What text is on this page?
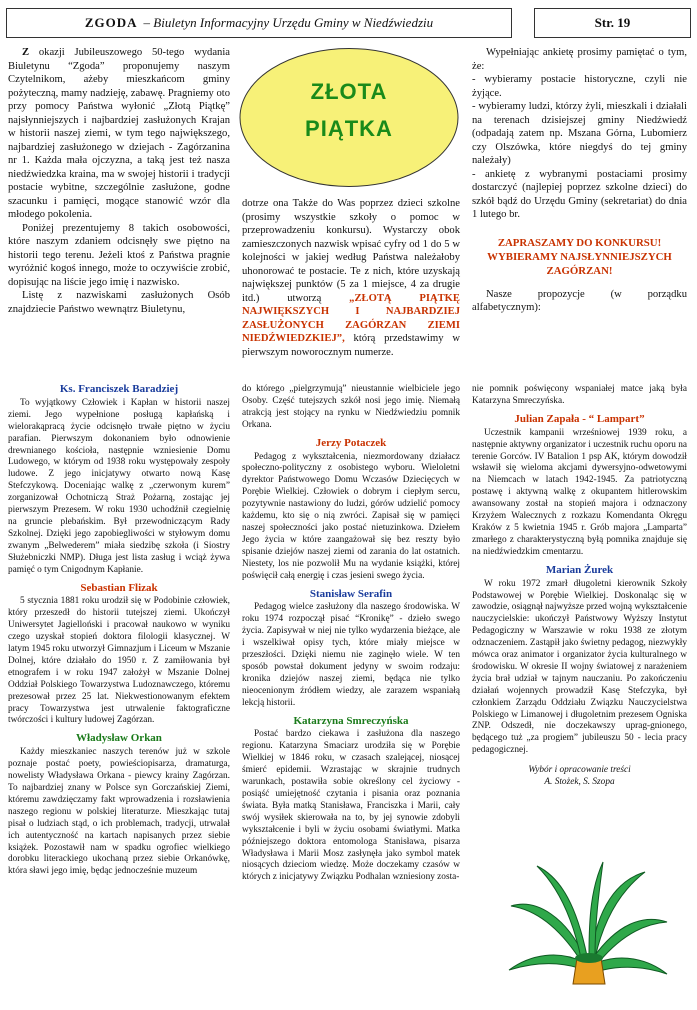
ZGODA – Biuletyn Informacyjny Urzędu Gminy w Niedźwiedziu	Str. 19

Z okazji Jubileuszowego 50-tego wydania Biuletynu “Zgoda” proponujemy naszym Czytelnikom, ażeby mieszkańcom gminy pożyteczną, mamy nadzieję, zabawę. Pragniemy oto przy pomocy Państwa wyłonić „Złotą Piątkę” najsłynniejszych i najbardziej zasłużonych Krajan w historii naszej ziemi, w tym tego największego, najbardziej zasłużonego w dziejach - Zagórzanina nr 1. Każda mała ojczyzna, a taką jest też nasza niedźwiedzka kraina, ma w swojej historii i tradycji postacie wybitne, szczególnie zasłużone, godne szacunku i pamięci, mogące stanowić wzór dla młodego pokolenia.

Poniżej prezentujemy 8 takich osobowości, które naszym zdaniem odcisnęły swe piętno na historii tego terenu. Jeżeli ktoś z Państwa pragnie wyróżnić kogoś innego, może to oczywiście zrobić, dopisując na liście jego imię i nazwisko.

Listę z nazwiskami zasłużonych Osób znajdziecie Państwo wewnątrz Biuletynu,

ZŁOTA
PIĄTKA

dotrze ona Także do Was poprzez dzieci szkolne (prosimy wszystkie szkoły o pomoc w przeprowadzeniu konkursu). Wystarczy obok zamieszczonych nazwisk wpisać cyfry od 1 do 5 w kolejności w jakiej według Państwa należałoby uhonorować te postacie. Te z nich, które uzyskają największej punktów (5 za 1 miejsce, 4 za drugie itd.) utworzą	„ZŁOTĄ PIĄTKĘ NAJWIĘKSZYCH I NAJBARDZIEJ ZASŁUŻONYCH ZAGÓRZAN ZIEMI NIEDŹWIEDZKIEJ”, którą przedstawimy w pierwszym noworocznym numerze.

Wypełniając ankietę prosimy pamiętać o tym, że:

- wybieramy postacie historyczne, czyli nie żyjące.
- wybieramy ludzi, którzy żyli, mieszkali i działali na terenach dzisiejszej gminy Niedźwiedź (odpadają zatem np. Mszana Górna, Lubomierz czy Olszówka, które niegdyś do tej gminy należały)
- ankietę z wybranymi postaciami prosimy dostarczyć (najlepiej poprzez szkolne dzieci) do szkół bądź do Urzędu Gminy (sekretariat) do dnia 1 lutego br.
ZAPRASZAMY DO KONKURSU! WYBIERAMY NAJSŁYNNIEJSZYCH ZAGÓRZAN!

Nasze propozycje (w porządku alfabetycznym):

Ks. Franciszek Baradziej

To wyjątkowy Człowiek i Kapłan w historii naszej ziemi. Jego wypełnione posługą kapłańską i wielorakąpracą życie odcisnęło trwałe piętno w życiu parafian. Pierwszym dokonaniem było odnowienie drewnianego kościoła, następnie wzniesienie Domu Ludowego, w którym od 1938 roku występowały zespoły ludowe. Z jego inicjatywy otwarto nową Kasę Stefczykową. Doceniając walkę z „czerwonym kurem” zorganizował Ochotniczą Straż Pożarną, zostając jej pierwszym Prezesem. W roku 1930 uchodźnił czegielnię na gruncie plebańskim. Był przewodniczącym Rady Szkolnej. Dzięki jego zapobiegliwości w styłowym domu zwanym „Belwederem” miała siedzibę szkoła (i Siostry Służebniczki NMP). Długa jest lista zasług i wciąż żywa pamięć o tym Cnigodnym Kapłanie.

Sebastian Flizak

5 stycznia 1881 roku urodził się w Podobinie człowiek, który przeszedł do historii tutejszej ziemi. Ukończył Uniwersytet Jagielloński i pracował naukowo w wyniku czego uzyskał stopień doktora filologii klasycznej. W latym 1945 roku utworzył Gimnazjum i Liceum w Mszanie Dolnej, które działało do 1950 r. Z zamiłowania był etnografem i w roku 1947 założył w Mszanie Dolnej Oddział Polskiego Towarzystwa Ludoznawczego, któremu prezesował przez 25 lat. Niekwestionowanym efektem pracy Towarzystwa jest utrwalenie faktograficzne twórczości i kultury ludowej Zagórzan.

Władysław Orkan

Każdy mieszkaniec naszych terenów już w szkole poznaje postać poety, powieściopisarza, dramaturga, nowelisty Władysława Orkana - piewcy krainy Zagórzan. To najbardziej znany w Polsce syn Gorczańskiej Ziemi, któremu zawdzięczamy fakt wprowadzenia i rozsławienia naszego regionu w polskiej literaturze. Mieszkając tutaj pisał o ludziach stąd, o ich problemach, tradycji, utrwalał ich autentyczność na kartach napisanych przez siebie książek. Pozostawił nam w spadku ogrofiec wielkiego dorobku literackiego ukochaną przez siebie Orkanówkę, która sławi jego imię, będąc jednocześnie muzeum

do którego „pielgrzymują” nieustannie wielbiciele jego Osoby. Część tutejszych szkół nosi jego imię. Niemałą atrakcją jest stojący na rynku w Niedźwiedziu pomnik Orkana.

Jerzy Potaczek

Pedagog z wykształcenia, niezmordowany działacz społeczno-polityczny z osobistego wyboru. Wieloletni dyrektor Państwowego Domu Wczasów Dziecięcych w Porębie Wielkiej. Człowiek o dobrym i ciepłym sercu, pozytywnie nastawiony do ludzi, górów udzielić pomocy każdemu, kto się o nią zwróci. Zapisał się w pamięci naszej społeczności jako postać nietuzinkowa. Dziełem Jego życia w które zaangażował się bez reszty było spisanie dziejów naszej ziemi od zarania do lat ostatnich. Niestety, los nie pozwolił Mu na wydanie książki, której poświęcił całą energię i czas jesieni swego życia.

Stanisław Serafin

Pedagog wielce zasłużony dla naszego środowiska. W roku 1974 rozpoczął pisać “Kronikę” - dzieło swego życia. Zapisywał w niej nie tylko wydarzenia bieżące, ale i wszelkiwał opisy tych, które miały miejsce w przeszłości. Dzięki niemu nie zaginęło wiele. W ten sposób powstał dokument jedyny w swoim rodzaju: kronika dziejów naszej ziemi, będąca nie tylko nieocenionym źródłem wiedzy, ale zarazem wspaniałą lekcją historii.

Katarzyna Smreczyńska

Postać bardzo ciekawa i zasłużona dla naszego regionu. Katarzyna Smaciarz urodziła się w Porębie Wielkiej w 1846 roku, w czasach szalejącej, niosącej śmierć epidemii. Wzrastając w skrajnie trudnych warunkach, postawiła sobie określony cel życiowy - posiąść umiejętność czytania i pisania oraz poznania świata. Była matką Stanisława, Franciszka i Marii, cały swój wysiłek skierowała na to, by jej synowie zdobyli wykształcenie i byli w życiu osobami światłymi. Matka późniejszego doktora entomologa Stanisława, pisarza Władysława i Marii Mosz zasłynęła jako symbol matek niosących dzieciom wiedzę. Może doczekamy czasów w których z inicjatywy Związku Podhalan wzniesiony zosta-

nie pomnik poświęcony wspaniałej matce jaką była Katarzyna Smreczyńska.

Julian Zapała - “ Lampart”

Uczestnik kampanii wrześniowej 1939 roku, a następnie aktywny organizator i uczestnik ruchu oporu na terenie Gorców. IV Batalion 1 psp AK, którym dowodził wsławił się wieloma akcjami dywersyjno-odwetowymi na Niemcach w latach 1942-1945. Za patriotyczną postawę i aktywną walkę z okupantem hitlerowskim awansowany został na stopień majora i odznaczony Krzyżem Walecznych z rozkazu Komendanta Okręgu Kraków z 5 kwietnia 1945 r. Grób majora „Lamparta” zmarłego z charakterystyczną byłą pomnika znajduje się na niedźwiedzkim cmentarzu.

Marian Żurek

W roku 1972 zmarł długoletni kierownik Szkoły Podstawowej w Porębie Wielkiej. Doskonaląc się w zawodzie, osiągnął najwyższe przed wojną wykształcenie nauczycielskie: ukończył Państwowy Wyższy Instytut Pedagogiczny w Warszawie w roku 1938 ze złotym odznaczeniem. Zastąpił jako świetny pedagog, niezwykły mówca oraz animator i organizator życia kulturalnego w środowisku. W okresie II wojny światowej z narażeniem życia brał udział w tajnym nauczaniu. Po zakończeniu działań wojennych prowadził Kasę Stefczyka, był członkiem Zarządu Oddziału Związku Nauczycielstwa Polskiego w Limanowej i długoletnim prezesem Ogniska ZNP. Odszedł, nie doczekawszy uprag-gnionego, będącego tuż „za progiem” jubileuszu 50 - lecia pracy pedagogicznej.

Wybór i opracowanie treści
A. Stożek, S. Szopa
